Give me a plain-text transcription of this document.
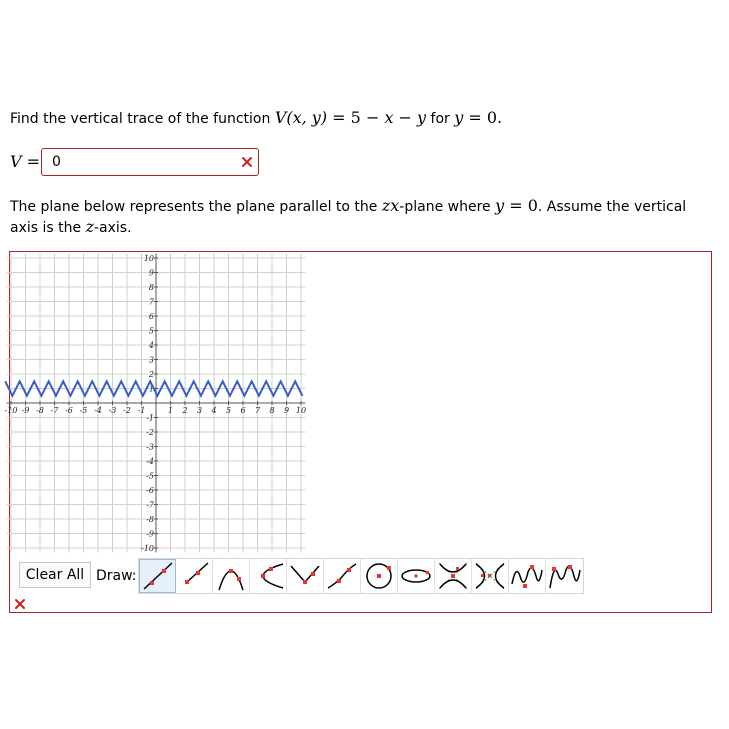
Find the vertical trace of the function V(x, y) = 5 − x − y for y = 0.
V = 0
The plane below represents the plane parallel to the zx-plane where y = 0. Assume the vertical axis is the z-axis.
-10 -9 -8 -7 -6 -5 -4 -3 -2 -1	1 2 3 4 5 6 7 8 9 10
10
9
8
7
6
5
4
3
2
1
-1
-2
-3
-4
-5
-6
-7
-8
-9
-10
Clear All Draw:
